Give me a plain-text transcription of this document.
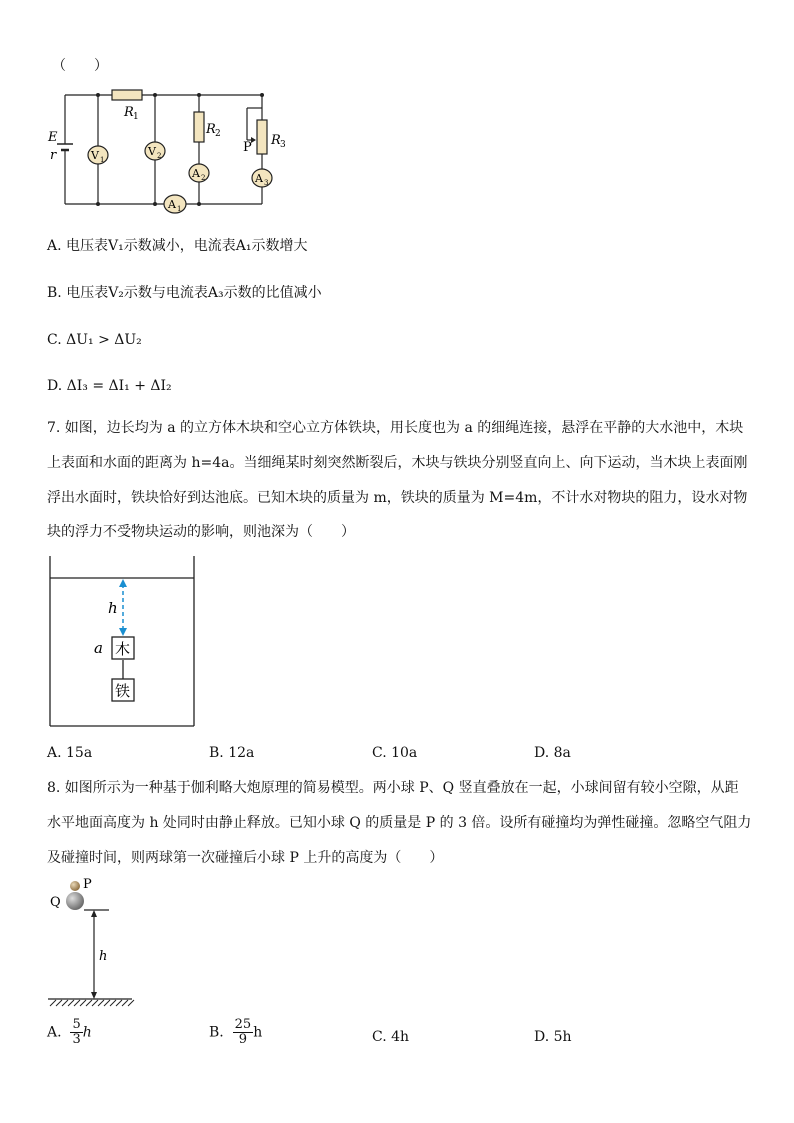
（　　）
E
r
R 1
R 2	R 3
P
V 1
V 2
A 2	A 3
A 1
A. 电压表V₁示数减小，电流表A₁示数增大
B. 电压表V₂示数与电流表A₃示数的比值减小
C. ΔU₁ > ΔU₂
D. ΔI₃ = ΔI₁ + ΔI₂
7. 如图，边长均为 a 的立方体木块和空心立方体铁块，用长度也为 a 的细绳连接，悬浮在平静的大水池中，木块
上表面和水面的距离为 h=4a。当细绳某时刻突然断裂后，木块与铁块分别竖直向上、向下运动，当木块上表面刚
浮出水面时，铁块恰好到达池底。已知木块的质量为 m，铁块的质量为 M=4m，不计水对物块的阻力，设水对物
块的浮力不受物块运动的影响，则池深为（　　）
h
a 木
铁
A. 15a	B. 12a	C. 10a	D. 8a
8. 如图所示为一种基于伽利略大炮原理的简易模型。两小球 P、Q 竖直叠放在一起，小球间留有较小空隙，从距
水平地面高度为 h 处同时由静止释放。已知小球 Q 的质量是 P 的 3 倍。设所有碰撞均为弹性碰撞。忽略空气阻力
及碰撞时间，则两球第一次碰撞后小球 P 上升的高度为（　　）
P
Q
h
A. $\frac{5}{3}$ h	B. $\frac{25}{9}$ h	C. 4h	D. 5h
